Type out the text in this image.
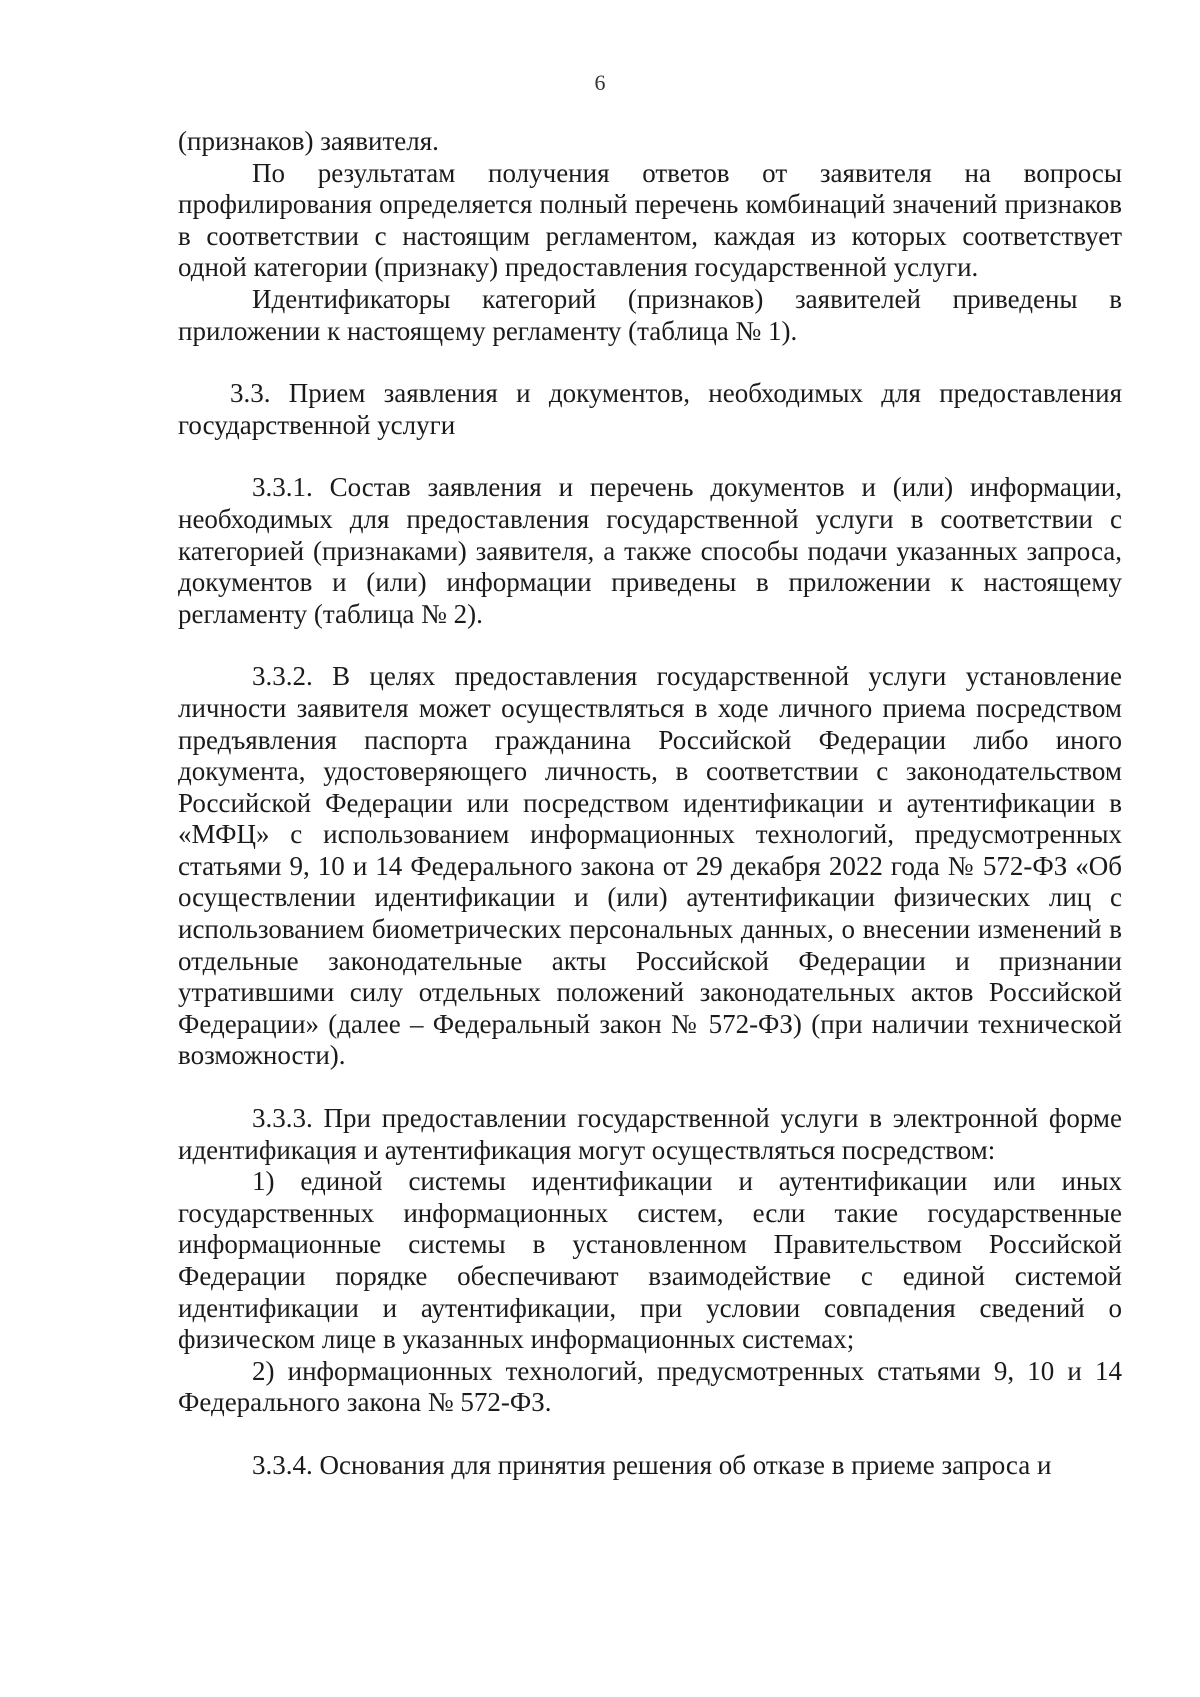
6

(признаков) заявителя.

По результатам получения ответов от заявителя на вопросы профилирования определяется полный перечень комбинаций значений признаков в соответствии с настоящим регламентом, каждая из которых соответствует одной категории (признаку) предоставления государственной услуги.

Идентификаторы категорий (признаков) заявителей приведены в приложении к настоящему регламенту (таблица № 1).

3.3. Прием заявления и документов, необходимых для предоставления государственной услуги

3.3.1. Состав заявления и перечень документов и (или) информации, необходимых для предоставления государственной услуги в соответствии с категорией (признаками) заявителя, а также способы подачи указанных запроса, документов и (или) информации приведены в приложении к настоящему регламенту (таблица № 2).

3.3.2. В целях предоставления государственной услуги установление личности заявителя может осуществляться в ходе личного приема посредством предъявления паспорта гражданина Российской Федерации либо иного документа, удостоверяющего личность, в соответствии с законодательством Российской Федерации или посредством идентификации и аутентификации в «МФЦ» с использованием информационных технологий, предусмотренных статьями 9, 10 и 14 Федерального закона от 29 декабря 2022 года № 572-ФЗ «Об осуществлении идентификации и (или) аутентификации физических лиц с использованием биометрических персональных данных, о внесении изменений в отдельные законодательные акты Российской Федерации и признании утратившими силу отдельных положений законодательных актов Российской Федерации» (далее – Федеральный закон № 572-ФЗ) (при наличии технической возможности).

3.3.3. При предоставлении государственной услуги в электронной форме идентификация и аутентификация могут осуществляться посредством:

1) единой системы идентификации и аутентификации или иных государственных информационных систем, если такие государственные информационные системы в установленном Правительством Российской Федерации порядке обеспечивают взаимодействие с единой системой идентификации и аутентификации, при условии совпадения сведений о физическом лице в указанных информационных системах;

2) информационных технологий, предусмотренных статьями 9, 10 и 14 Федерального закона № 572-ФЗ.

3.3.4. Основания для принятия решения об отказе в приеме запроса и
